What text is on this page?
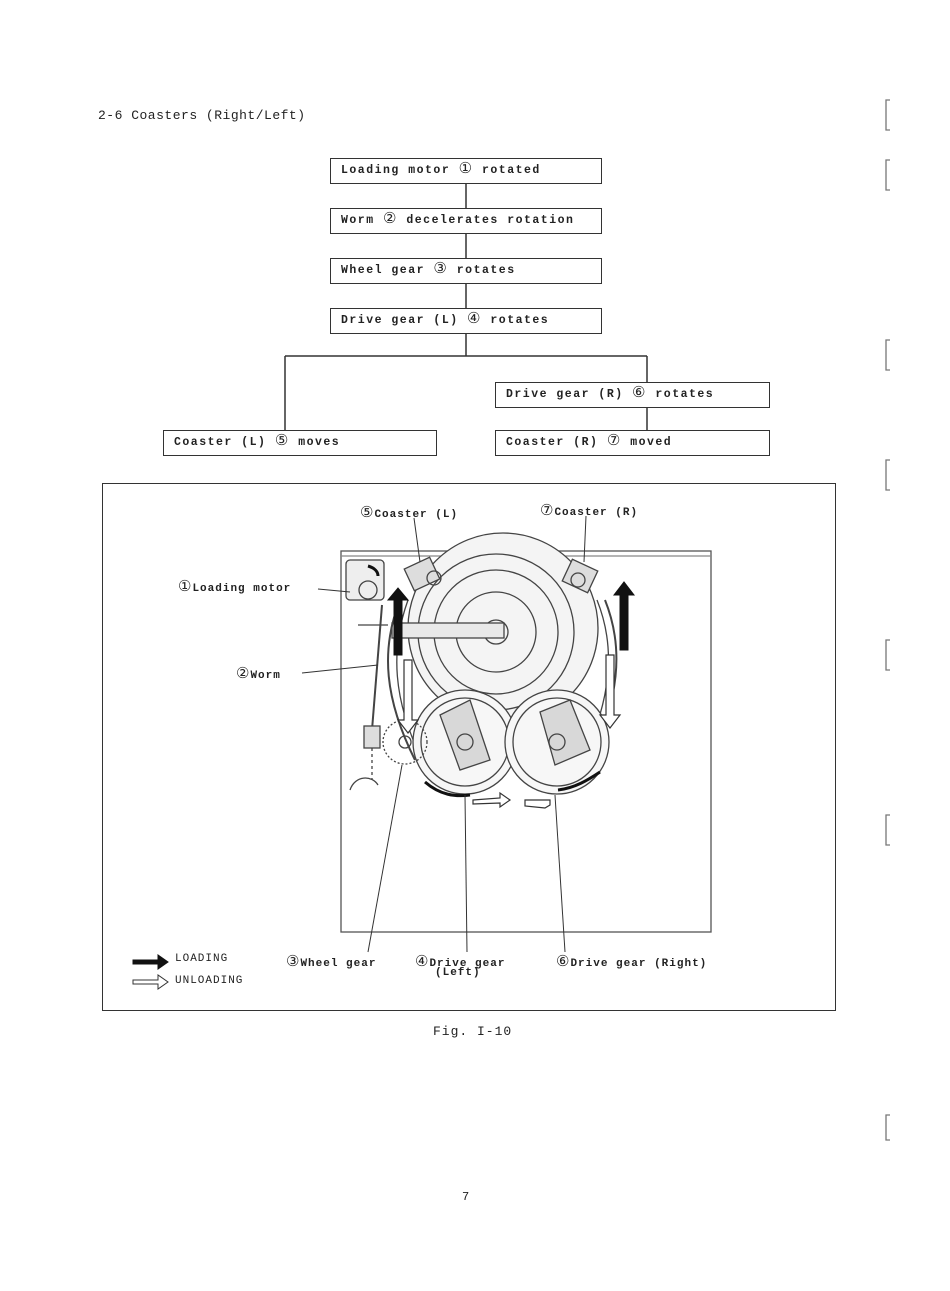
2-6 Coasters (Right/Left)
Loading motor ① rotated
Worm ② decelerates rotation
Wheel gear ③ rotates
Drive gear (L) ④ rotates
Drive gear (R) ⑥ rotates
Coaster (L) ⑤ moves	Coaster (R) ⑦ moved
⑤Coaster (L)	⑦Coaster (R)
①Loading motor
②Worm
③Wheel gear	④Drive gear
(Left)
⑥Drive gear (Right)
LOADING
UNLOADING
Fig. I-10
7
